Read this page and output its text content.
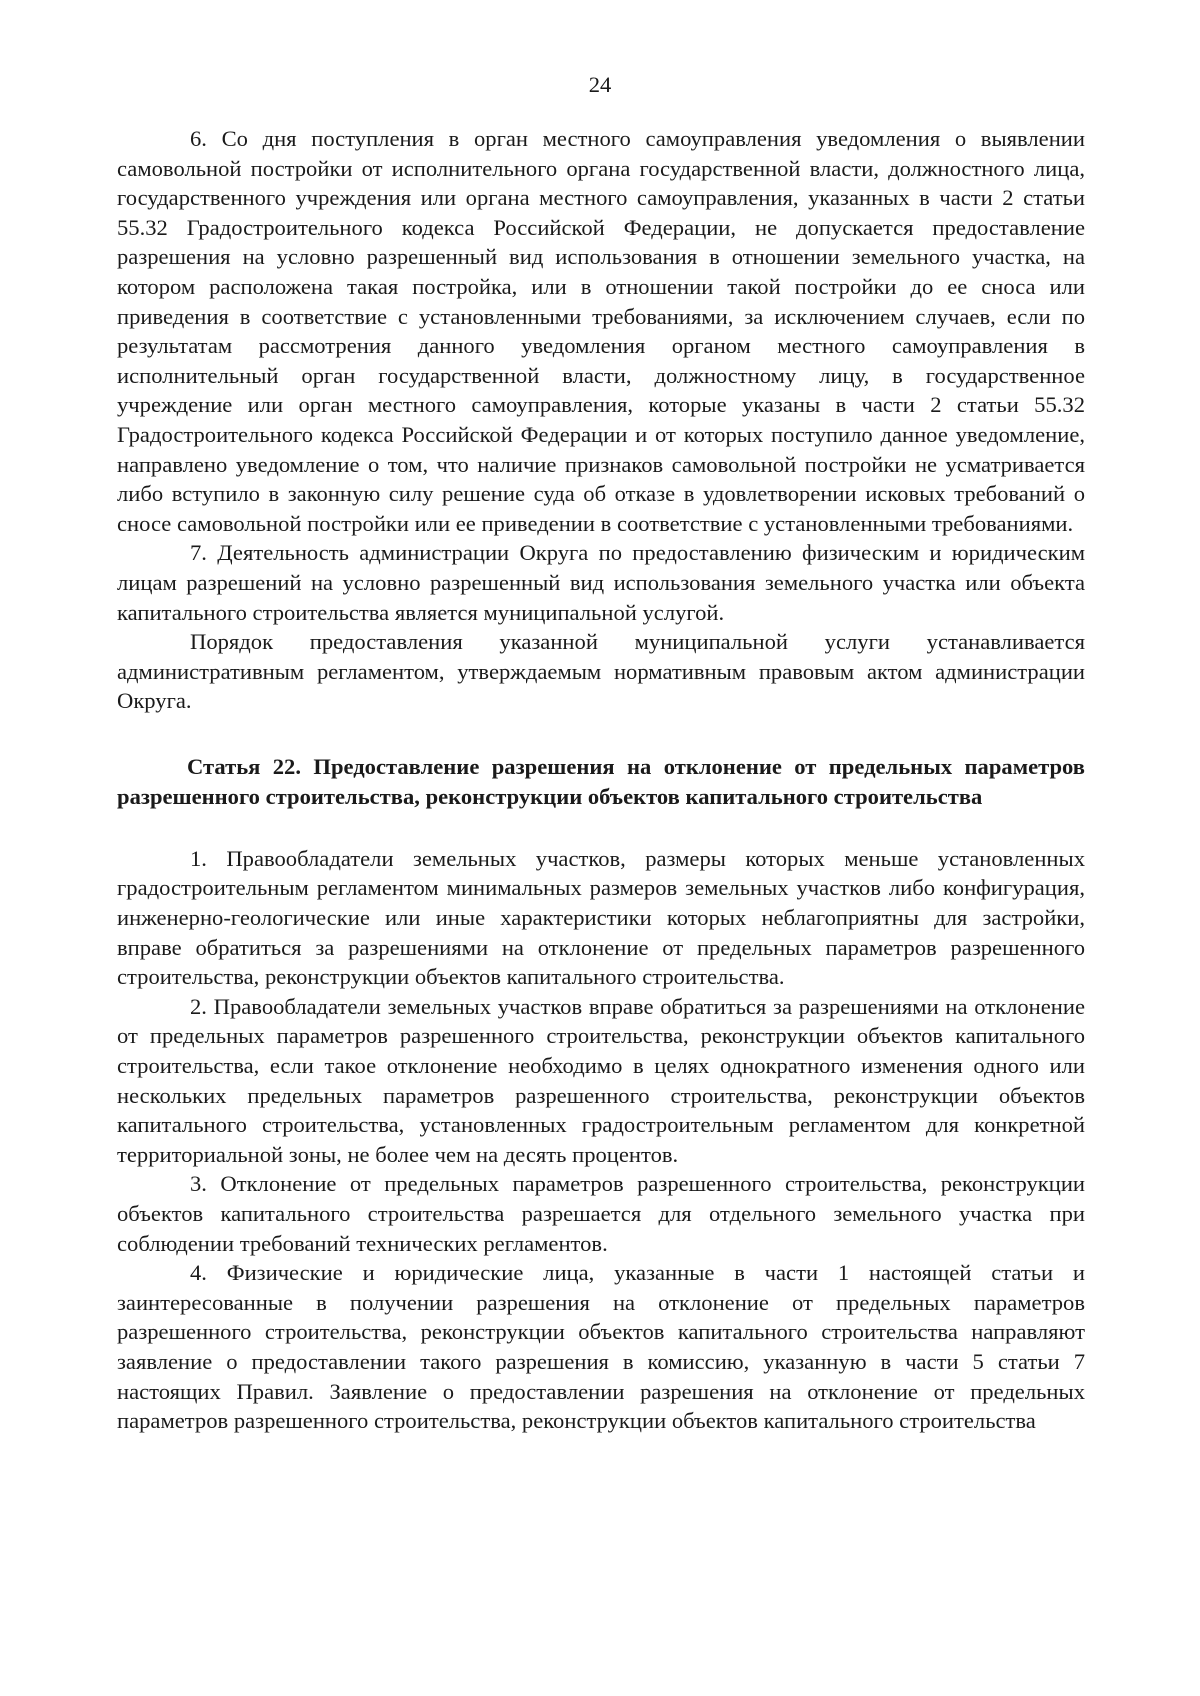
24

6. Со дня поступления в орган местного самоуправления уведомления о выявлении самовольной постройки от исполнительного органа государственной власти, должностного лица, государственного учреждения или органа местного самоуправления, указанных в части 2 статьи 55.32 Градостроительного кодекса Российской Федерации, не допускается предоставление разрешения на условно разрешенный вид использования в отношении земельного участка, на котором расположена такая постройка, или в отношении такой постройки до ее сноса или приведения в соответствие с установленными требованиями, за исключением случаев, если по результатам рассмотрения данного уведомления органом местного самоуправления в исполнительный орган государственной власти, должностному лицу, в государственное учреждение или орган местного самоуправления, которые указаны в части 2 статьи 55.32 Градостроительного кодекса Российской Федерации и от которых поступило данное уведомление, направлено уведомление о том, что наличие признаков самовольной постройки не усматривается либо вступило в законную силу решение суда об отказе в удовлетворении исковых требований о сносе самовольной постройки или ее приведении в соответствие с установленными требованиями.

7. Деятельность администрации Округа по предоставлению физическим и юридическим лицам разрешений на условно разрешенный вид использования земельного участка или объекта капитального строительства является муниципальной услугой.

Порядок предоставления указанной муниципальной услуги устанавливается административным регламентом, утверждаемым нормативным правовым актом администрации Округа.

Статья 22. Предоставление разрешения на отклонение от предельных параметров разрешенного строительства, реконструкции объектов капитального строительства

1. Правообладатели земельных участков, размеры которых меньше установленных градостроительным регламентом минимальных размеров земельных участков либо конфигурация, инженерно-геологические или иные характеристики которых неблагоприятны для застройки, вправе обратиться за разрешениями на отклонение от предельных параметров разрешенного строительства, реконструкции объектов капитального строительства.

2. Правообладатели земельных участков вправе обратиться за разрешениями на отклонение от предельных параметров разрешенного строительства, реконструкции объектов капитального строительства, если такое отклонение необходимо в целях однократного изменения одного или нескольких предельных параметров разрешенного строительства, реконструкции объектов капитального строительства, установленных градостроительным регламентом для конкретной территориальной зоны, не более чем на десять процентов.

3. Отклонение от предельных параметров разрешенного строительства, реконструкции объектов капитального строительства разрешается для отдельного земельного участка при соблюдении требований технических регламентов.

4. Физические и юридические лица, указанные в части 1 настоящей статьи и заинтересованные в получении разрешения на отклонение от предельных параметров разрешенного строительства, реконструкции объектов капитального строительства направляют заявление о предоставлении такого разрешения в комиссию, указанную в части 5 статьи 7 настоящих Правил. Заявление о предоставлении разрешения на отклонение от предельных параметров разрешенного строительства, реконструкции объектов капитального строительства
